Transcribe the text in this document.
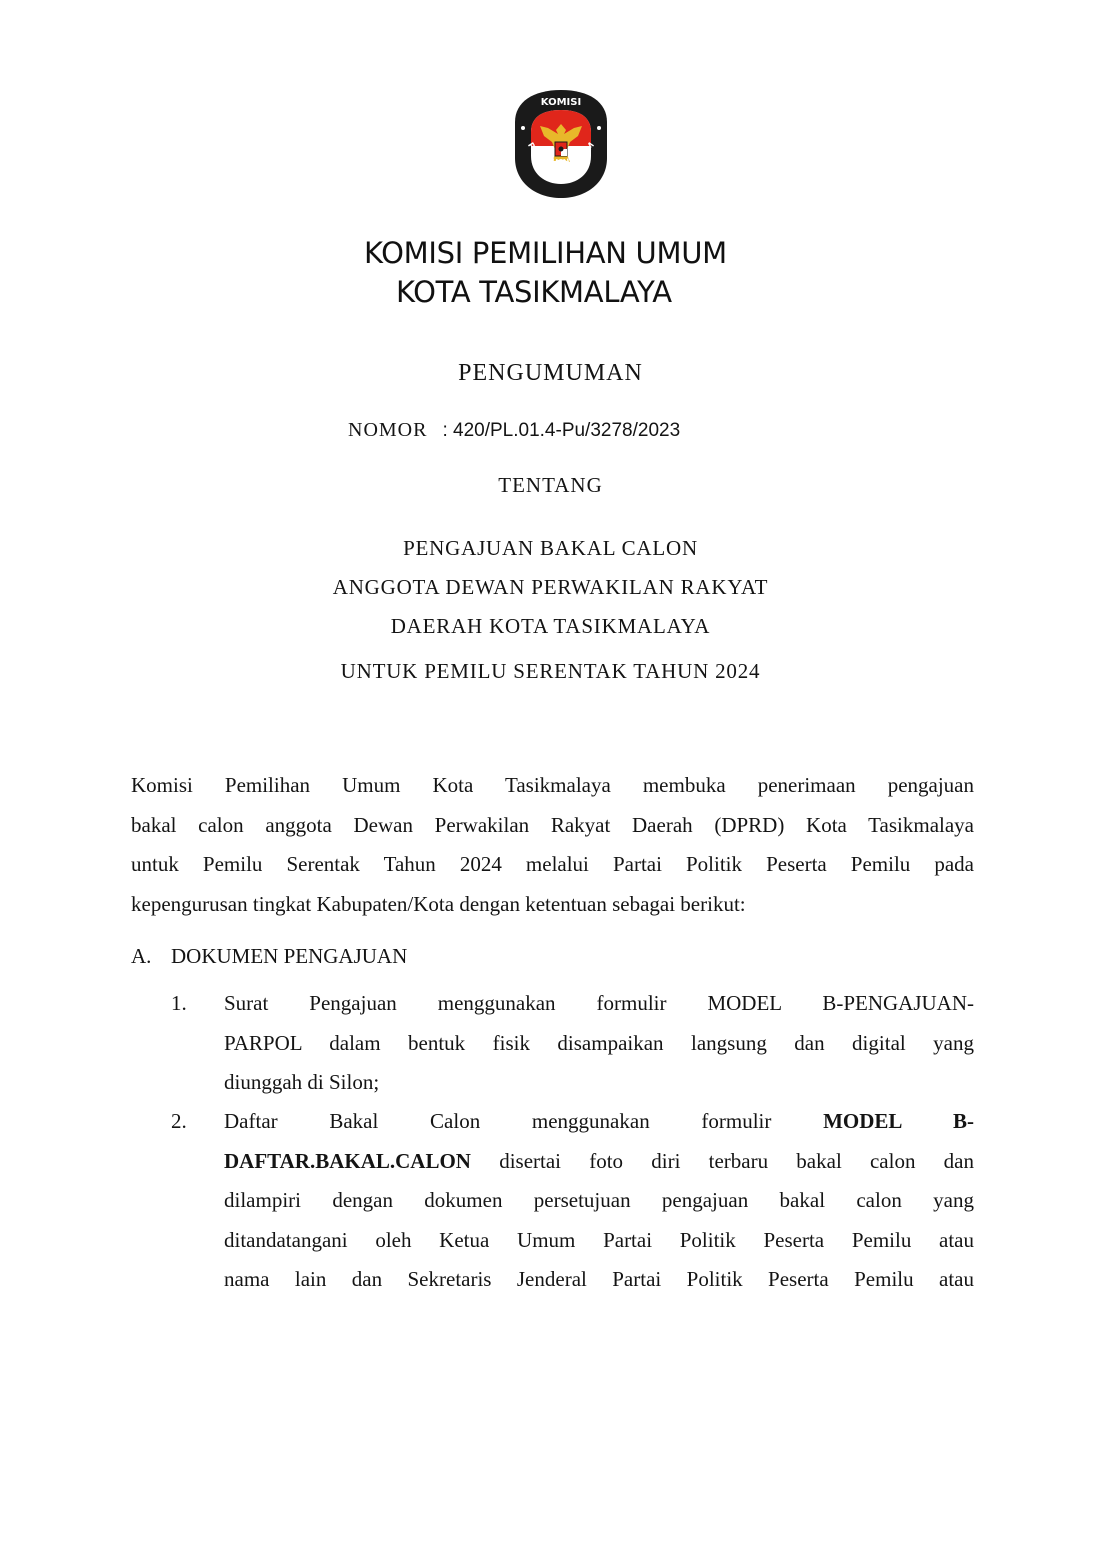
KOMISI
PEMILIHAN UMUM
KOMISI PEMILIHAN UMUM
KOTA TASIKMALAYA
PENGUMUMAN
NOMOR : 420/PL.01.4-Pu/3278/2023
TENTANG
PENGAJUAN BAKAL CALON
ANGGOTA DEWAN PERWAKILAN RAKYAT
DAERAH KOTA TASIKMALAYA
UNTUK PEMILU SERENTAK TAHUN 2024
Komisi Pemilihan Umum Kota Tasikmalaya membuka penerimaan pengajuan
bakal calon anggota Dewan Perwakilan Rakyat Daerah (DPRD) Kota Tasikmalaya
untuk Pemilu Serentak Tahun 2024 melalui Partai Politik Peserta Pemilu pada
kepengurusan tingkat Kabupaten/Kota dengan ketentuan sebagai berikut:
A. DOKUMEN PENGAJUAN
1.	Surat Pengajuan menggunakan formulir MODEL B-PENGAJUAN-
PARPOL dalam bentuk fisik disampaikan langsung dan digital yang
diunggah di Silon;
2.	Daftar Bakal Calon menggunakan formulir MODEL B-
DAFTAR.BAKAL.CALON disertai foto diri terbaru bakal calon dan
dilampiri dengan dokumen persetujuan pengajuan bakal calon yang
ditandatangani oleh Ketua Umum Partai Politik Peserta Pemilu atau
nama lain dan Sekretaris Jenderal Partai Politik Peserta Pemilu atau
